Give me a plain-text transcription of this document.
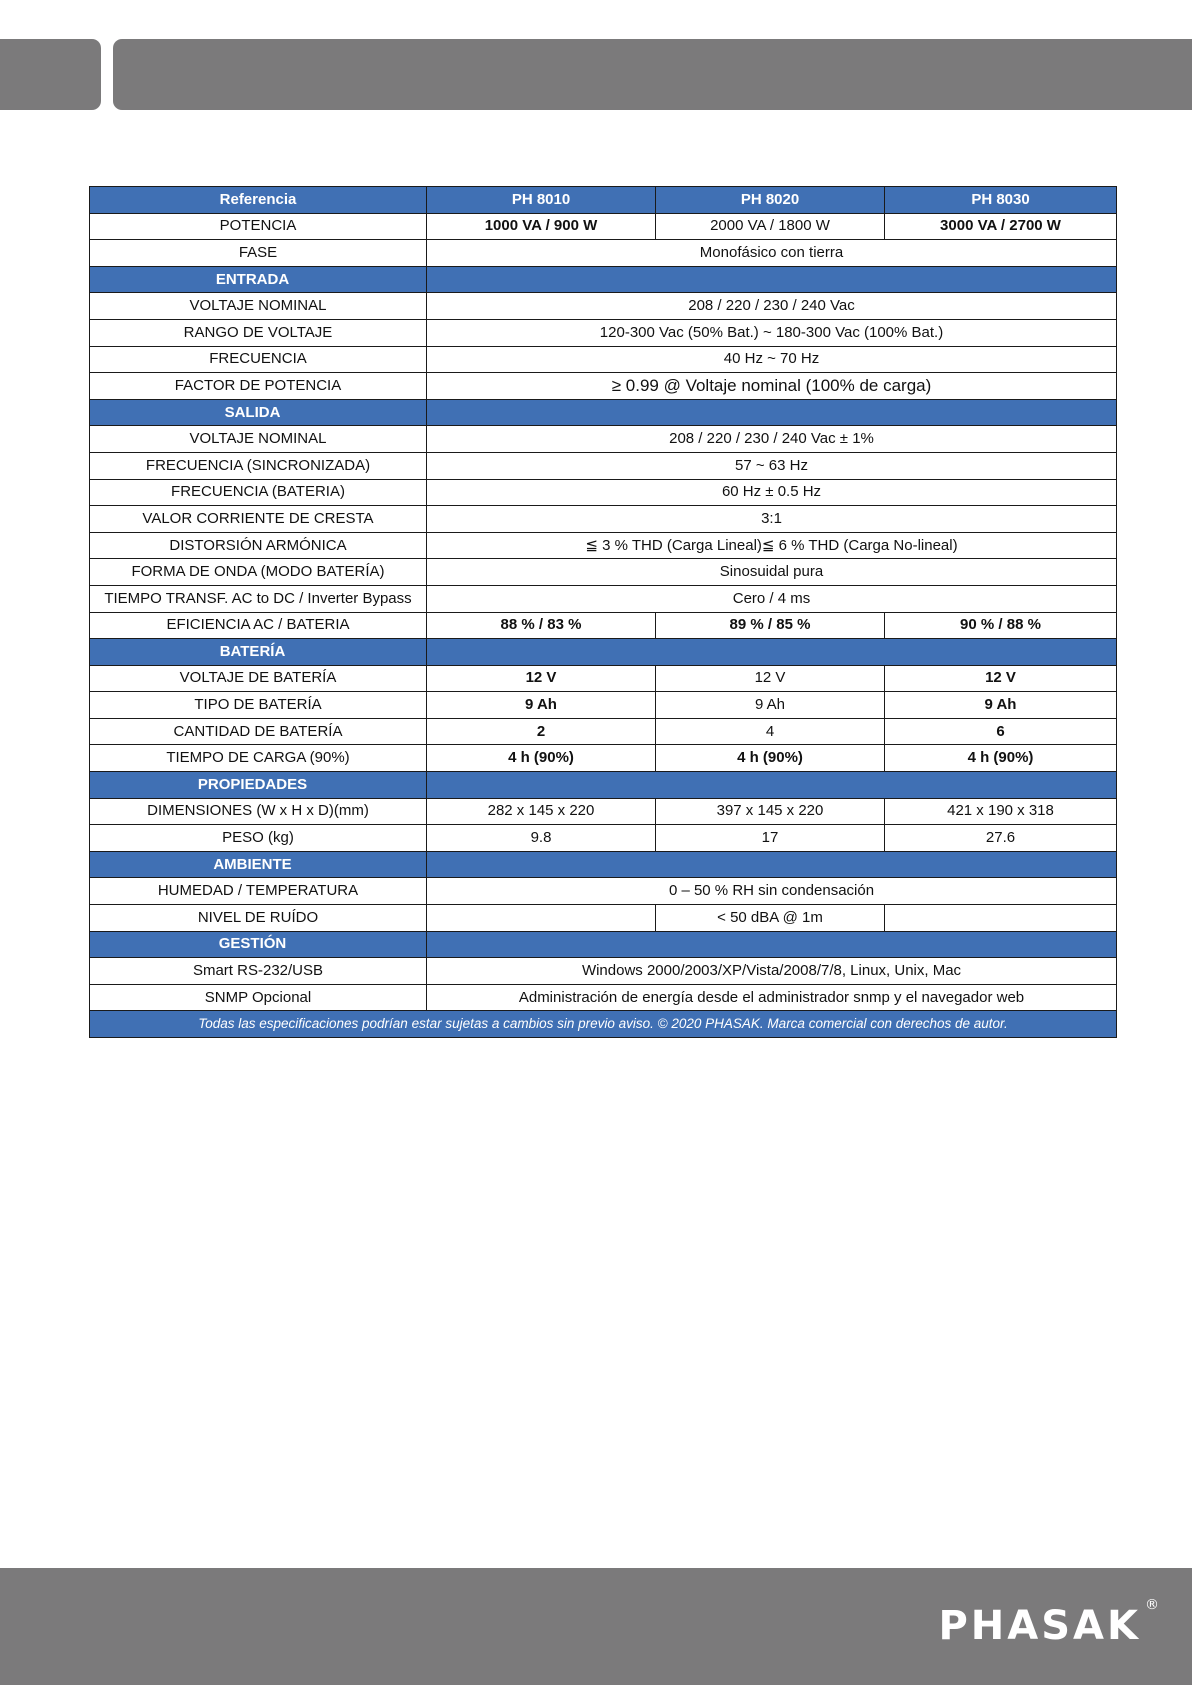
Referencia	PH 8010	PH 8020	PH 8030
POTENCIA	1000 VA / 900 W	2000 VA / 1800 W	3000 VA / 2700 W
FASE	Monofásico con tierra		
ENTRADA			
VOLTAJE NOMINAL	208 / 220 / 230 / 240 Vac		
RANGO DE VOLTAJE	120-300 Vac (50% Bat.) ~ 180-300 Vac (100% Bat.)		
FRECUENCIA	40 Hz ~ 70 Hz		
FACTOR DE POTENCIA	≥ 0.99 @ Voltaje nominal (100% de carga)		
SALIDA			
VOLTAJE NOMINAL	208 / 220 / 230 / 240 Vac ± 1%		
FRECUENCIA (SINCRONIZADA)	57 ~ 63 Hz		
FRECUENCIA (BATERIA)	60 Hz ± 0.5 Hz		
VALOR CORRIENTE DE CRESTA	3:1		
DISTORSIÓN ARMÓNICA	≦ 3 % THD (Carga Lineal)≦ 6 % THD (Carga No-lineal)		
FORMA DE ONDA (MODO BATERÍA)	Sinosuidal pura		
TIEMPO TRANSF. AC to DC / Inverter Bypass	Cero / 4 ms		
EFICIENCIA AC / BATERIA	88 % / 83 %	89 % / 85 %	90 % / 88 %
BATERÍA			
VOLTAJE DE BATERÍA	12 V	12 V	12 V
TIPO DE BATERÍA	9 Ah	9 Ah	9 Ah
CANTIDAD DE BATERÍA	2	4	6
TIEMPO DE CARGA (90%)	4 h (90%)	4 h (90%)	4 h (90%)
PROPIEDADES			
DIMENSIONES (W x H x D)(mm)	282 x 145 x 220	397 x 145 x 220	421 x 190 x 318
PESO (kg)	9.8	17	27.6
AMBIENTE			
HUMEDAD / TEMPERATURA	0 – 50 % RH sin condensación		
NIVEL DE RUÍDO		< 50 dBA @ 1m	
GESTIÓN			
Smart RS-232/USB	Windows 2000/2003/XP/Vista/2008/7/8, Linux, Unix, Mac		
SNMP Opcional	Administración de energía desde el administrador snmp y el navegador web		
Todas las especificaciones podrían estar sujetas a cambios sin previo aviso. © 2020 PHASAK. Marca comercial con derechos de autor.			
PHASAK ®
